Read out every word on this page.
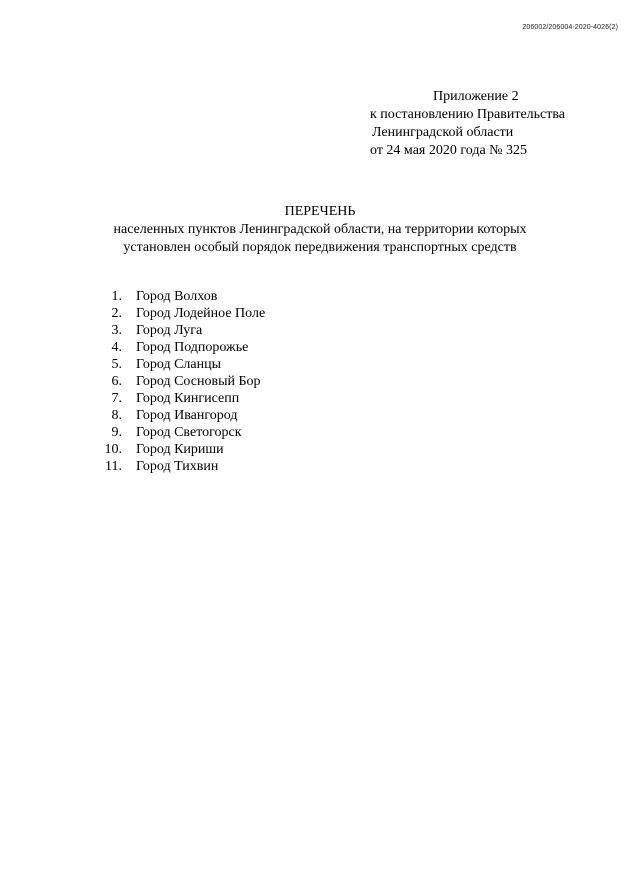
206002/206004-2020-4026(2)
Приложение 2
к постановлению Правительства
Ленинградской области
от 24 мая 2020 года № 325
ПЕРЕЧЕНЬ
населенных пунктов Ленинградской области, на территории которых
установлен особый порядок передвижения транспортных средств
1. Город Волхов
2. Город Лодейное Поле
3. Город Луга
4. Город Подпорожье
5. Город Сланцы
6. Город Сосновый Бор
7. Город Кингисепп
8. Город Ивангород
9. Город Светогорск
10. Город Кириши
11. Город Тихвин
